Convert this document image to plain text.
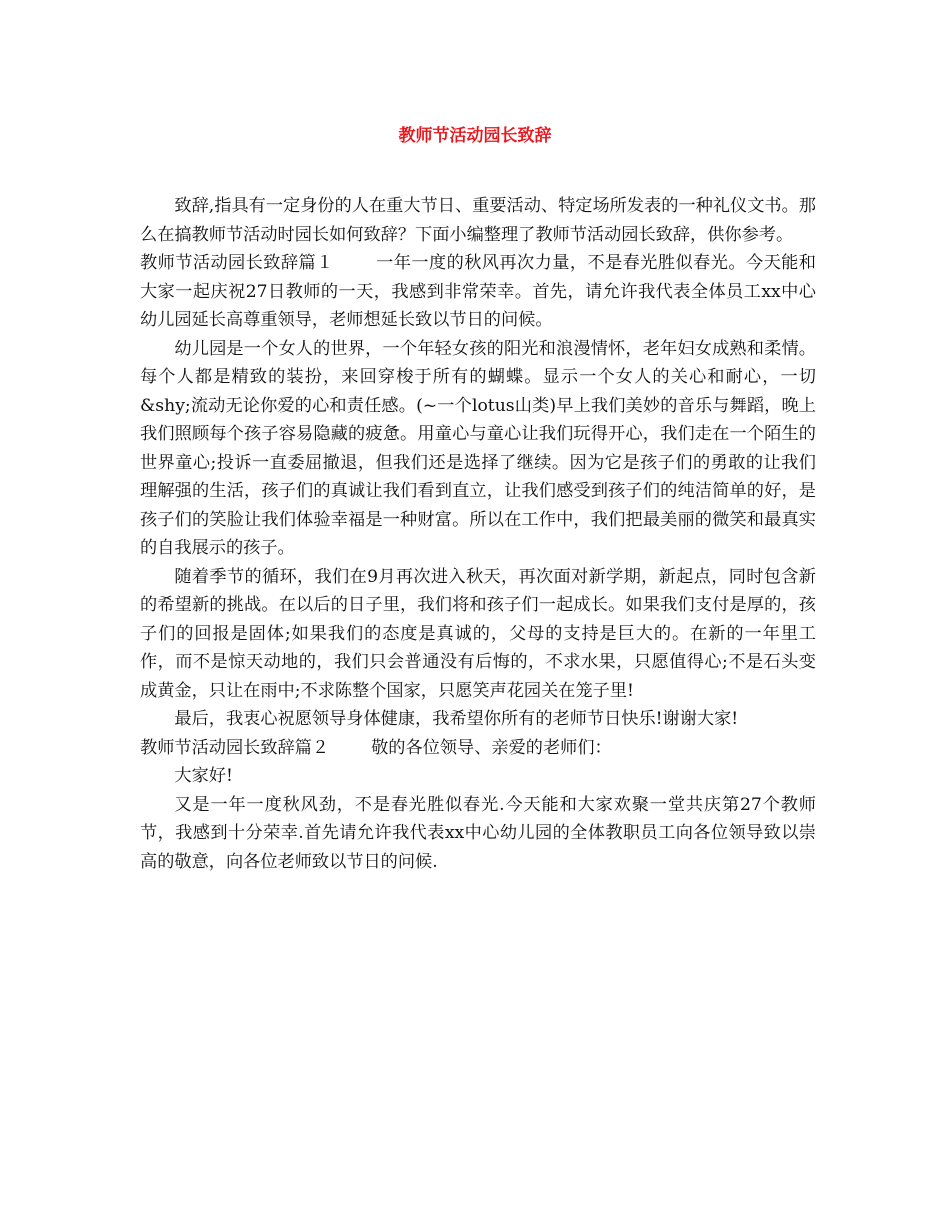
教师节活动园长致辞

致辞,指具有一定身份的人在重大节日、重要活动、特定场所发表的一种礼仪文书。那么在搞教师节活动时园长如何致辞？下面小编整理了教师节活动园长致辞，供你参考。

教师节活动园长致辞篇１ 一年一度的秋风再次力量，不是春光胜似春光。今天能和大家一起庆祝27日教师的一天，我感到非常荣幸。首先，请允许我代表全体员工xx中心幼儿园延长高尊重领导，老师想延长致以节日的问候。

幼儿园是一个女人的世界，一个年轻女孩的阳光和浪漫情怀，老年妇女成熟和柔情。每个人都是精致的装扮，来回穿梭于所有的蝴蝶。显示一个女人的关心和耐心，一切&shy;流动无论你爱的心和责任感。(~一个lotus山类)早上我们美妙的音乐与舞蹈，晚上我们照顾每个孩子容易隐藏的疲惫。用童心与童心让我们玩得开心，我们走在一个陌生的世界童心;投诉一直委屈撤退，但我们还是选择了继续。因为它是孩子们的勇敢的让我们理解强的生活，孩子们的真诚让我们看到直立，让我们感受到孩子们的纯洁简单的好，是孩子们的笑脸让我们体验幸福是一种财富。所以在工作中，我们把最美丽的微笑和最真实的自我展示的孩子。

随着季节的循环，我们在9月再次进入秋天，再次面对新学期，新起点，同时包含新的希望新的挑战。在以后的日子里，我们将和孩子们一起成长。如果我们支付是厚的，孩子们的回报是固体;如果我们的态度是真诚的，父母的支持是巨大的。在新的一年里工作，而不是惊天动地的，我们只会普通没有后悔的，不求水果，只愿值得心;不是石头变成黄金，只让在雨中;不求陈整个国家，只愿笑声花园关在笼子里!

最后，我衷心祝愿领导身体健康，我希望你所有的老师节日快乐!谢谢大家!

教师节活动园长致辞篇２ 敬的各位领导、亲爱的老师们：

大家好!

又是一年一度秋风劲，不是春光胜似春光.今天能和大家欢聚一堂共庆第27个教师节，我感到十分荣幸.首先请允许我代表xx中心幼儿园的全体教职员工向各位领导致以崇高的敬意，向各位老师致以节日的问候.
